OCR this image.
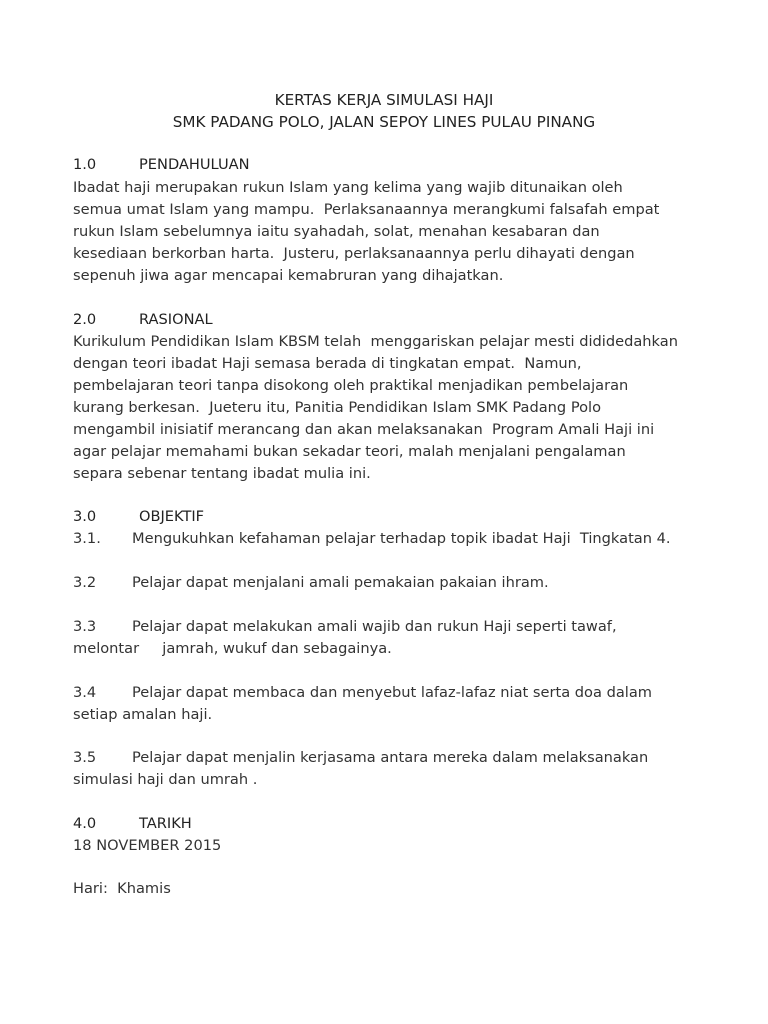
KERTAS KERJA SIMULASI HAJI
SMK PADANG POLO, JALAN SEPOY LINES PULAU PINANG
1.0	PENDAHULUAN
Ibadat haji merupakan rukun Islam yang kelima yang wajib ditunaikan oleh
semua umat Islam yang mampu.  Perlaksanaannya merangkumi falsafah empat
rukun Islam sebelumnya iaitu syahadah, solat, menahan kesabaran dan
kesediaan berkorban harta.  Justeru, perlaksanaannya perlu dihayati dengan
sepenuh jiwa agar mencapai kemabruran yang dihajatkan.
2.0	RASIONAL
Kurikulum Pendidikan Islam KBSM telah  menggariskan pelajar mesti dididedahkan
dengan teori ibadat Haji semasa berada di tingkatan empat.  Namun,
pembelajaran teori tanpa disokong oleh praktikal menjadikan pembelajaran
kurang berkesan.  Jueteru itu, Panitia Pendidikan Islam SMK Padang Polo
mengambil inisiatif merancang dan akan melaksanakan  Program Amali Haji ini
agar pelajar memahami bukan sekadar teori, malah menjalani pengalaman
separa sebenar tentang ibadat mulia ini.
3.0	OBJEKTIF
3.1. Mengukuhkan kefahaman pelajar terhadap topik ibadat Haji  Tingkatan 4.
3.2 Pelajar dapat menjalani amali pemakaian pakaian ihram.
3.3 Pelajar dapat melakukan amali wajib dan rukun Haji seperti tawaf,
melontar     jamrah, wukuf dan sebagainya.
3.4 Pelajar dapat membaca dan menyebut lafaz-lafaz niat serta doa dalam
setiap amalan haji.
3.5 Pelajar dapat menjalin kerjasama antara mereka dalam melaksanakan
simulasi haji dan umrah .
4.0	TARIKH
18 NOVEMBER 2015
Hari:  Khamis
